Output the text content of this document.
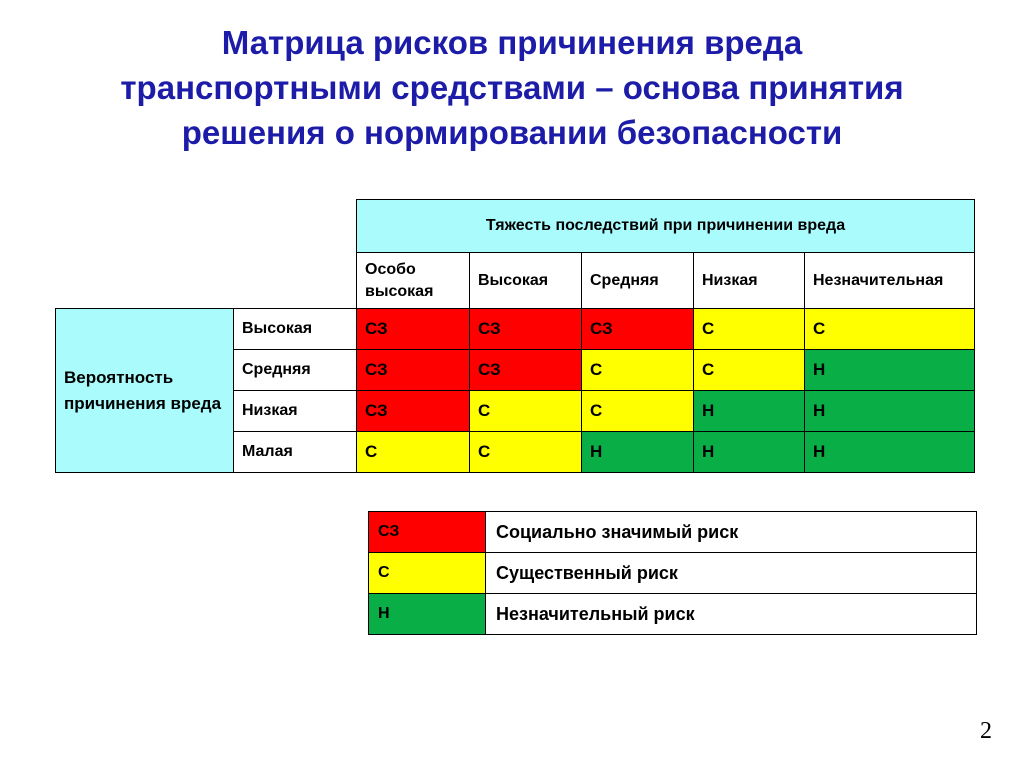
Матрица рисков причинения вреда
транспортными средствами – основа принятия
решения о нормировании безопасности
		Тяжесть последствий при причинении вреда				
		Особо высокая	Высокая	Средняя	Низкая	Незначительная
Вероятность причинения вреда	Высокая	СЗ	СЗ	СЗ	С	С
	Средняя	СЗ	СЗ	С	С	Н
	Низкая	СЗ	С	С	Н	Н
	Малая	С	С	Н	Н	Н
СЗ	Социально значимый риск
С	Существенный риск
Н	Незначительный риск
2
